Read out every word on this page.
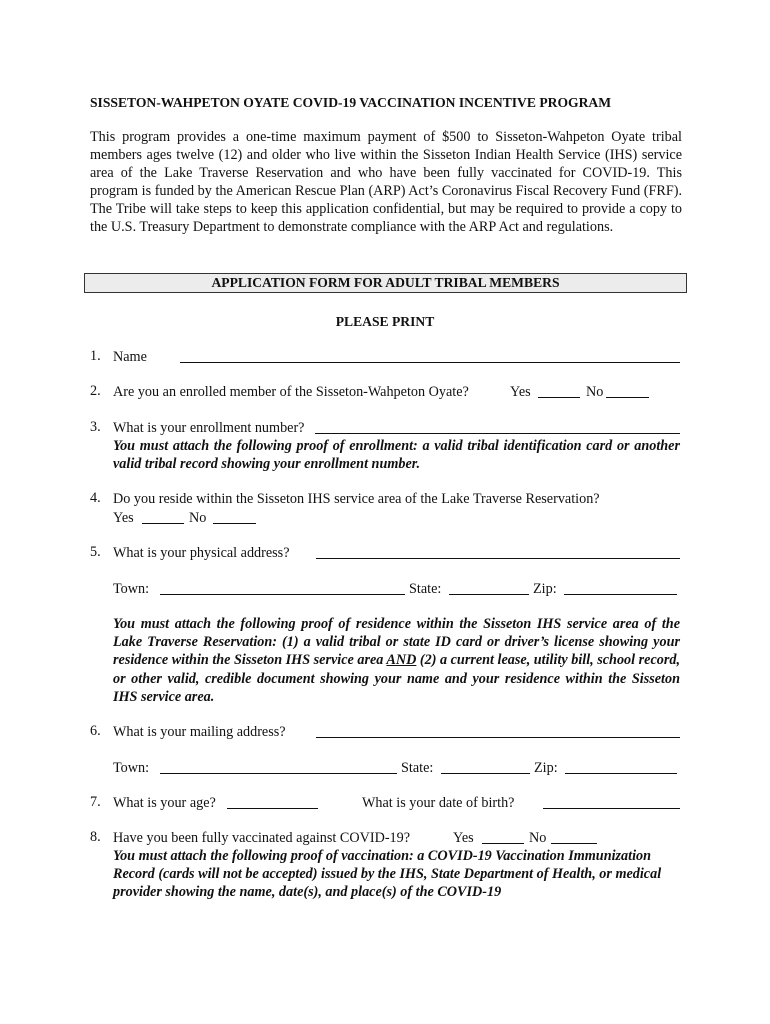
SISSETON-WAHPETON OYATE COVID-19 VACCINATION INCENTIVE PROGRAM
This program provides a one-time maximum payment of $500 to Sisseton-Wahpeton Oyate tribal members ages twelve (12) and older who live within the Sisseton Indian Health Service (IHS) service area of the Lake Traverse Reservation and who have been fully vaccinated for COVID-19. This program is funded by the American Rescue Plan (ARP) Act’s Coronavirus Fiscal Recovery Fund (FRF). The Tribe will take steps to keep this application confidential, but may be required to provide a copy to the U.S. Treasury Department to demonstrate compliance with the ARP Act and regulations.
APPLICATION FORM FOR ADULT TRIBAL MEMBERS
PLEASE PRINT
1. Name
2. Are you an enrolled member of the Sisseton-Wahpeton Oyate?	Yes	No
3. What is your enrollment number?
You must attach the following proof of enrollment: a valid tribal identification card or another valid tribal record showing your enrollment number.
4. Do you reside within the Sisseton IHS service area of the Lake Traverse Reservation?
Yes	No
5. What is your physical address?
Town:	State:	Zip:
You must attach the following proof of residence within the Sisseton IHS service area of the Lake Traverse Reservation: (1) a valid tribal or state ID card or driver’s license showing your residence within the Sisseton IHS service area AND (2) a current lease, utility bill, school record, or other valid, credible document showing your name and your residence within the Sisseton IHS service area.
6. What is your mailing address?
Town:	State:	Zip:
7. What is your age?	What is your date of birth?
8. Have you been fully vaccinated against COVID-19?	Yes	No
You must attach the following proof of vaccination: a COVID-19 Vaccination Immunization Record (cards will not be accepted) issued by the IHS, State Department of Health, or medical provider showing the name, date(s), and place(s) of the COVID-19
